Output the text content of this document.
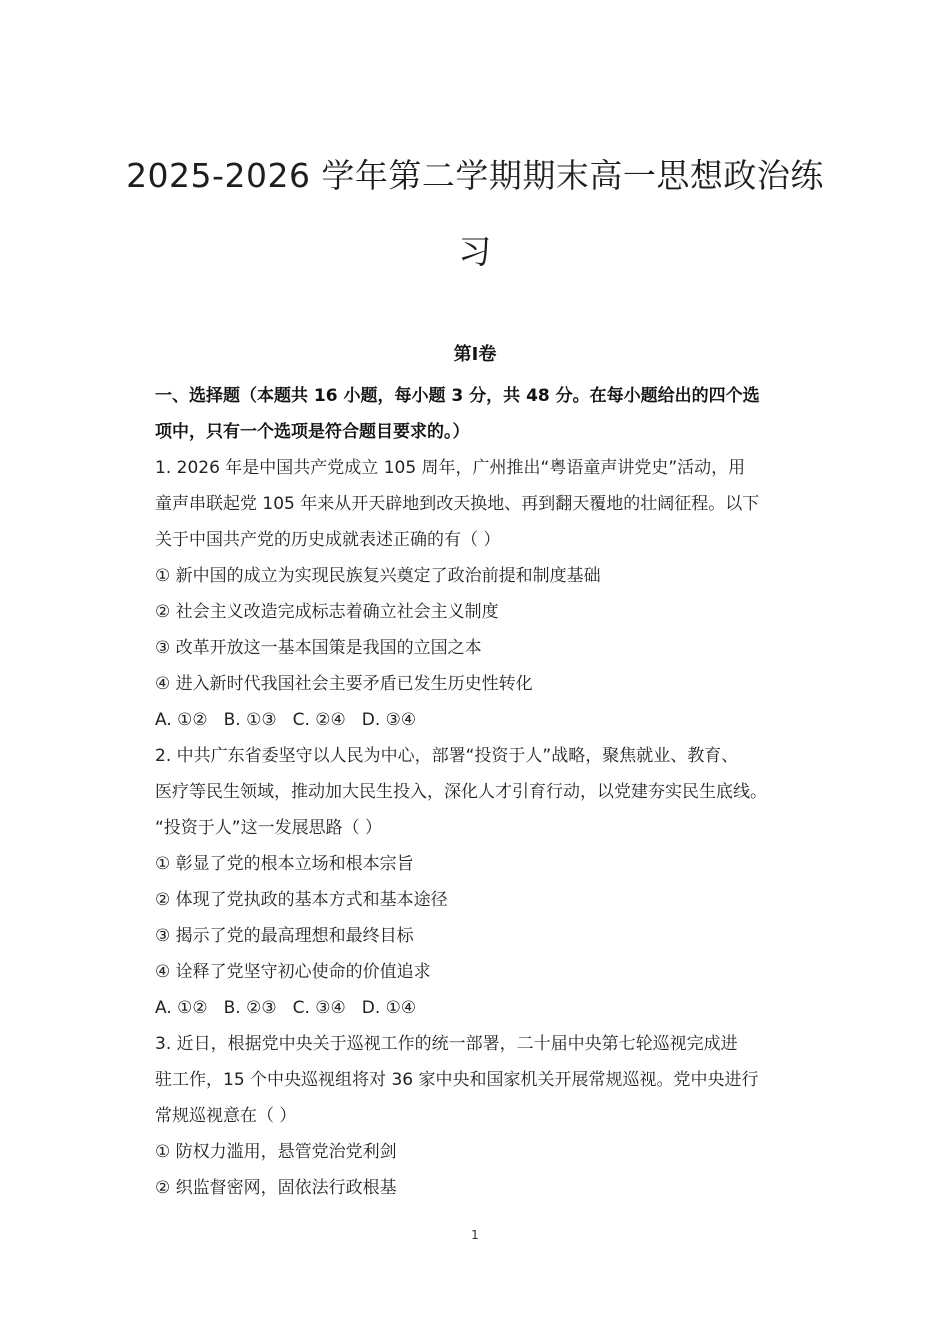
2025-2026 学年第二学期期末高一思想政治练
习
第Ⅰ卷
一、选择题（本题共 16 小题，每小题 3 分，共 48 分。在每小题给出的四个选
项中，只有一个选项是符合题目要求的。）
1. 2026 年是中国共产党成立 105 周年，广州推出“粤语童声讲党史”活动，用
童声串联起党 105 年来从开天辟地到改天换地、再到翻天覆地的壮阔征程。以下
关于中国共产党的历史成就表述正确的有（ ）
① 新中国的成立为实现民族复兴奠定了政治前提和制度基础
② 社会主义改造完成标志着确立社会主义制度
③ 改革开放这一基本国策是我国的立国之本
④ 进入新时代我国社会主要矛盾已发生历史性转化
A. ①② B. ①③ C. ②④ D. ③④
2. 中共广东省委坚守以人民为中心，部署“投资于人”战略，聚焦就业、教育、
医疗等民生领域，推动加大民生投入，深化人才引育行动，以党建夯实民生底线。
“投资于人”这一发展思路（ ）
① 彰显了党的根本立场和根本宗旨
② 体现了党执政的基本方式和基本途径
③ 揭示了党的最高理想和最终目标
④ 诠释了党坚守初心使命的价值追求
A. ①② B. ②③ C. ③④ D. ①④
3. 近日，根据党中央关于巡视工作的统一部署，二十届中央第七轮巡视完成进
驻工作，15 个中央巡视组将对 36 家中央和国家机关开展常规巡视。党中央进行
常规巡视意在（ ）
① 防权力滥用，悬管党治党利剑
② 织监督密网，固依法行政根基
1
